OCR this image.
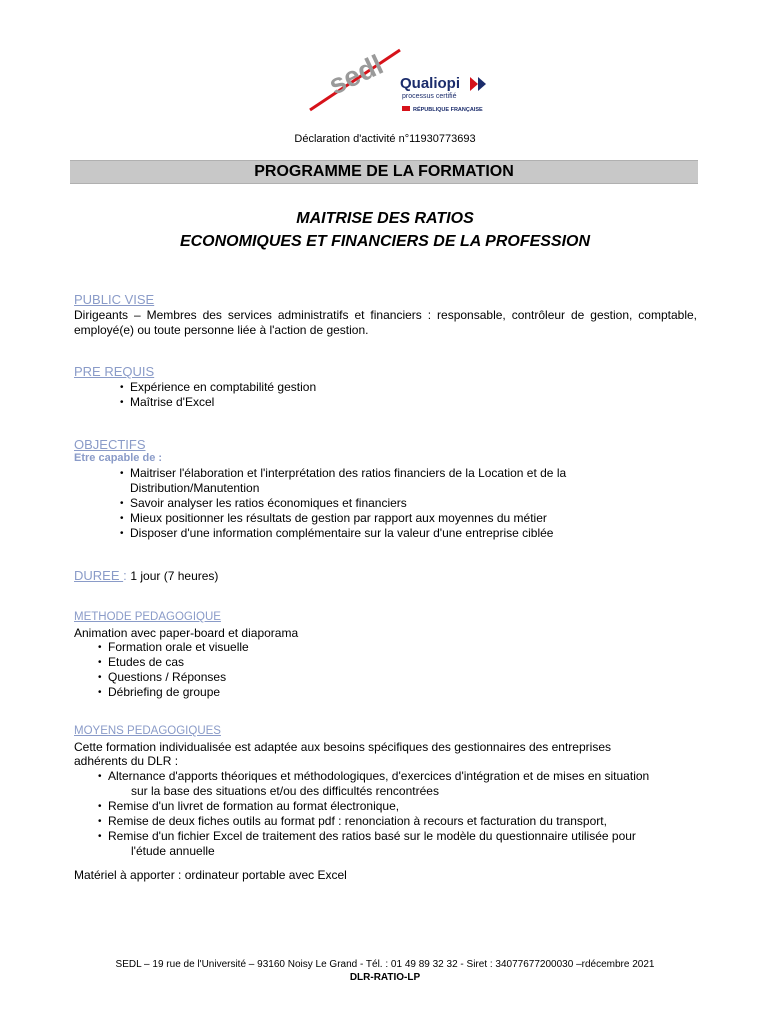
sedl Qualiopi
processus certifié
RÉPUBLIQUE FRANÇAISE
Déclaration d'activité n°11930773693
PROGRAMME DE LA FORMATION
MAITRISE DES RATIOS
ECONOMIQUES ET FINANCIERS DE LA PROFESSION
PUBLIC VISE
Dirigeants – Membres des services administratifs et financiers : responsable, contrôleur de gestion, comptable, employé(e) ou toute personne liée à l'action de gestion.
PRE REQUIS
• Expérience en comptabilité gestion
• Maîtrise d'Excel
OBJECTIFS
Etre capable de :
• Maitriser l'élaboration et l'interprétation des ratios financiers de la Location et de la Distribution/Manutention
• Savoir analyser les ratios économiques et financiers
• Mieux positionner les résultats de gestion par rapport aux moyennes du métier
• Disposer d'une information complémentaire sur la valeur d'une entreprise ciblée
DUREE : 1 jour (7 heures)
METHODE PEDAGOGIQUE
Animation avec paper-board et diaporama
• Formation orale et visuelle
• Etudes de cas
• Questions / Réponses
• Débriefing de groupe
MOYENS PEDAGOGIQUES
Cette formation individualisée est adaptée aux besoins spécifiques des gestionnaires des entreprises
adhérents du DLR :
• Alternance d'apports théoriques et méthodologiques, d'exercices d'intégration et de mises en situation
sur la base des situations et/ou des difficultés rencontrées
• Remise d'un livret de formation au format électronique,
• Remise de deux fiches outils au format pdf : renonciation à recours et facturation du transport,
• Remise d'un fichier Excel de traitement des ratios basé sur le modèle du questionnaire utilisée pour
l'étude annuelle
Matériel à apporter : ordinateur portable avec Excel
SEDL – 19 rue de l'Université – 93160 Noisy Le Grand - Tél. : 01 49 89 32 32 - Siret : 34077677200030 –rdécembre 2021
DLR-RATIO-LP
